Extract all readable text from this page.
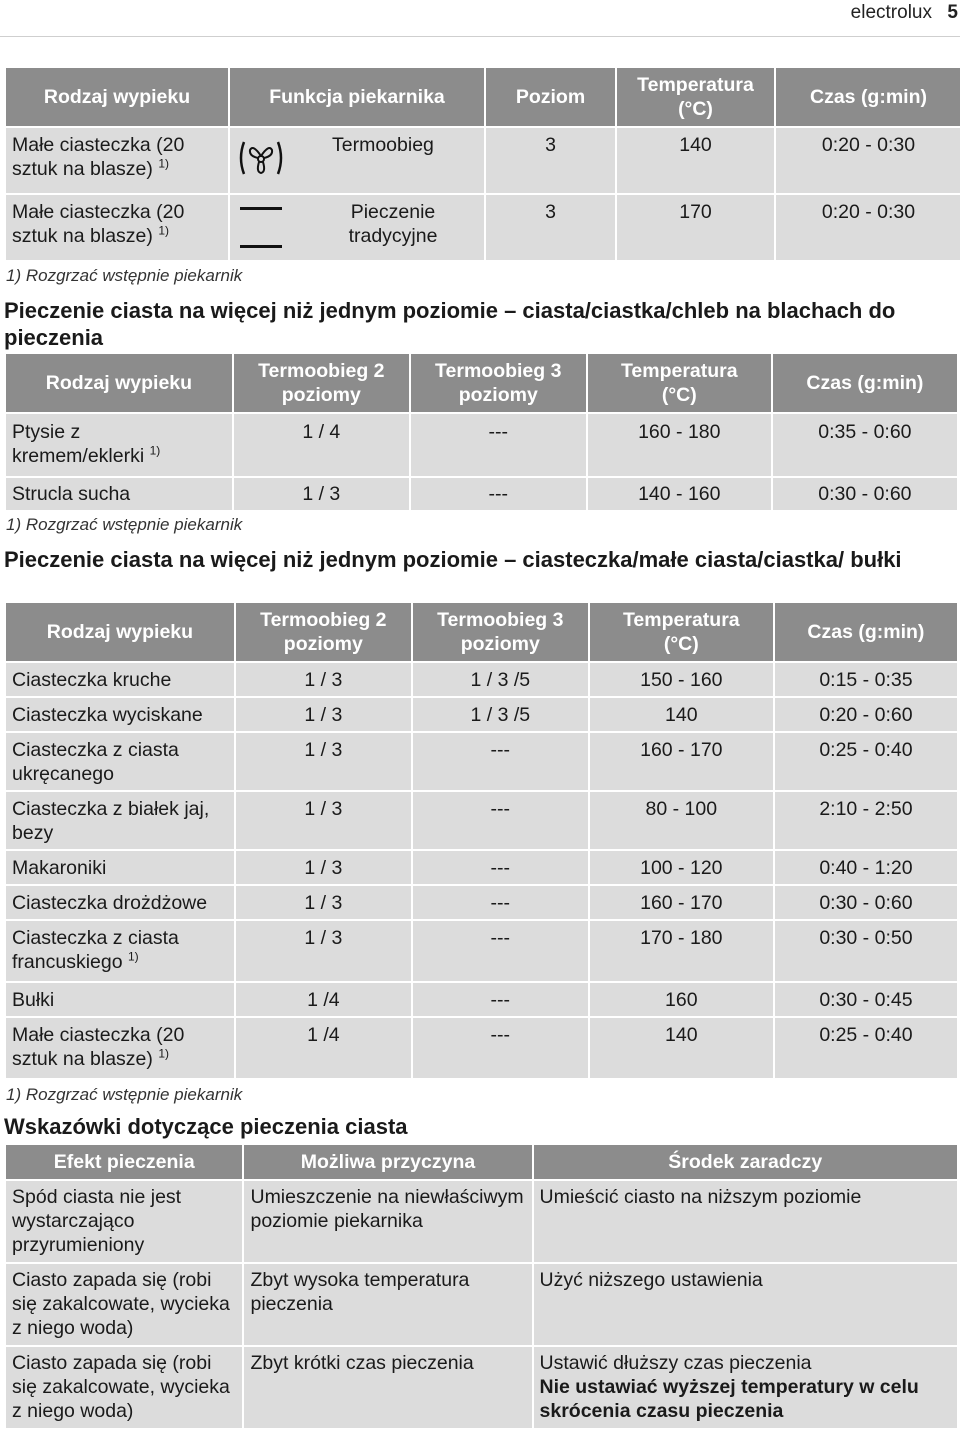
electrolux 5
Rodzaj wypieku	Funkcja piekarnika	Poziom	Temperatura (°C)	Czas (g:min)
Małe ciasteczka (20 sztuk na blasze) $^{1)}$	Termoobieg	3	140	0:20 - 0:30
Małe ciasteczka (20 sztuk na blasze) $^{1)}$	Pieczenie tradycyjne	3	170	0:20 - 0:30
1) Rozgrzać wstępnie piekarnik
Pieczenie ciasta na więcej niż jednym poziomie – ciasta/ciastka/chleb na blachach do pieczenia
Rodzaj wypieku	Termoobieg 2 poziomy	Termoobieg 3 poziomy	Temperatura (°C)	Czas (g:min)
Ptysie z kremem/eklerki $^{1)}$	1 / 4	---	160 - 180	0:35 - 0:60
Strucla sucha	1 / 3	---	140 - 160	0:30 - 0:60
1) Rozgrzać wstępnie piekarnik
Pieczenie ciasta na więcej niż jednym poziomie – ciasteczka/małe ciasta/ciastka/ bułki
Rodzaj wypieku	Termoobieg 2 poziomy	Termoobieg 3 poziomy	Temperatura (°C)	Czas (g:min)
Ciasteczka kruche	1 / 3	1 / 3 /5	150 - 160	0:15 - 0:35
Ciasteczka wyciskane	1 / 3	1 / 3 /5	140	0:20 - 0:60
Ciasteczka z ciasta ukręcanego	1 / 3	---	160 - 170	0:25 - 0:40
Ciasteczka z białek jaj, bezy	1 / 3	---	80 - 100	2:10 - 2:50
Makaroniki	1 / 3	---	100 - 120	0:40 - 1:20
Ciasteczka drożdżowe	1 / 3	---	160 - 170	0:30 - 0:60
Ciasteczka z ciasta francuskiego $^{1)}$	1 / 3	---	170 - 180	0:30 - 0:50
Bułki	1 /4	---	160	0:30 - 0:45
Małe ciasteczka (20 sztuk na blasze) $^{1)}$	1 /4	---	140	0:25 - 0:40
1) Rozgrzać wstępnie piekarnik
Wskazówki dotyczące pieczenia ciasta
Efekt pieczenia	Możliwa przyczyna	Środek zaradczy
Spód ciasta nie jest wystarczająco przyrumieniony	Umieszczenie na niewłaściwym poziomie piekarnika	Umieścić ciasto na niższym poziomie

Ciasto zapada się (robi się zakalcowate, wycieka z niego woda)	Zbyt wysoka temperatura pieczenia	Użyć niższego ustawienia

Ciasto zapada się (robi się zakalcowate, wycieka z niego woda)	Zbyt krótki czas pieczenia	Ustawić dłuższy czas pieczenia
Nie ustawiać wyższej temperatury w celu skrócenia czasu pieczenia
